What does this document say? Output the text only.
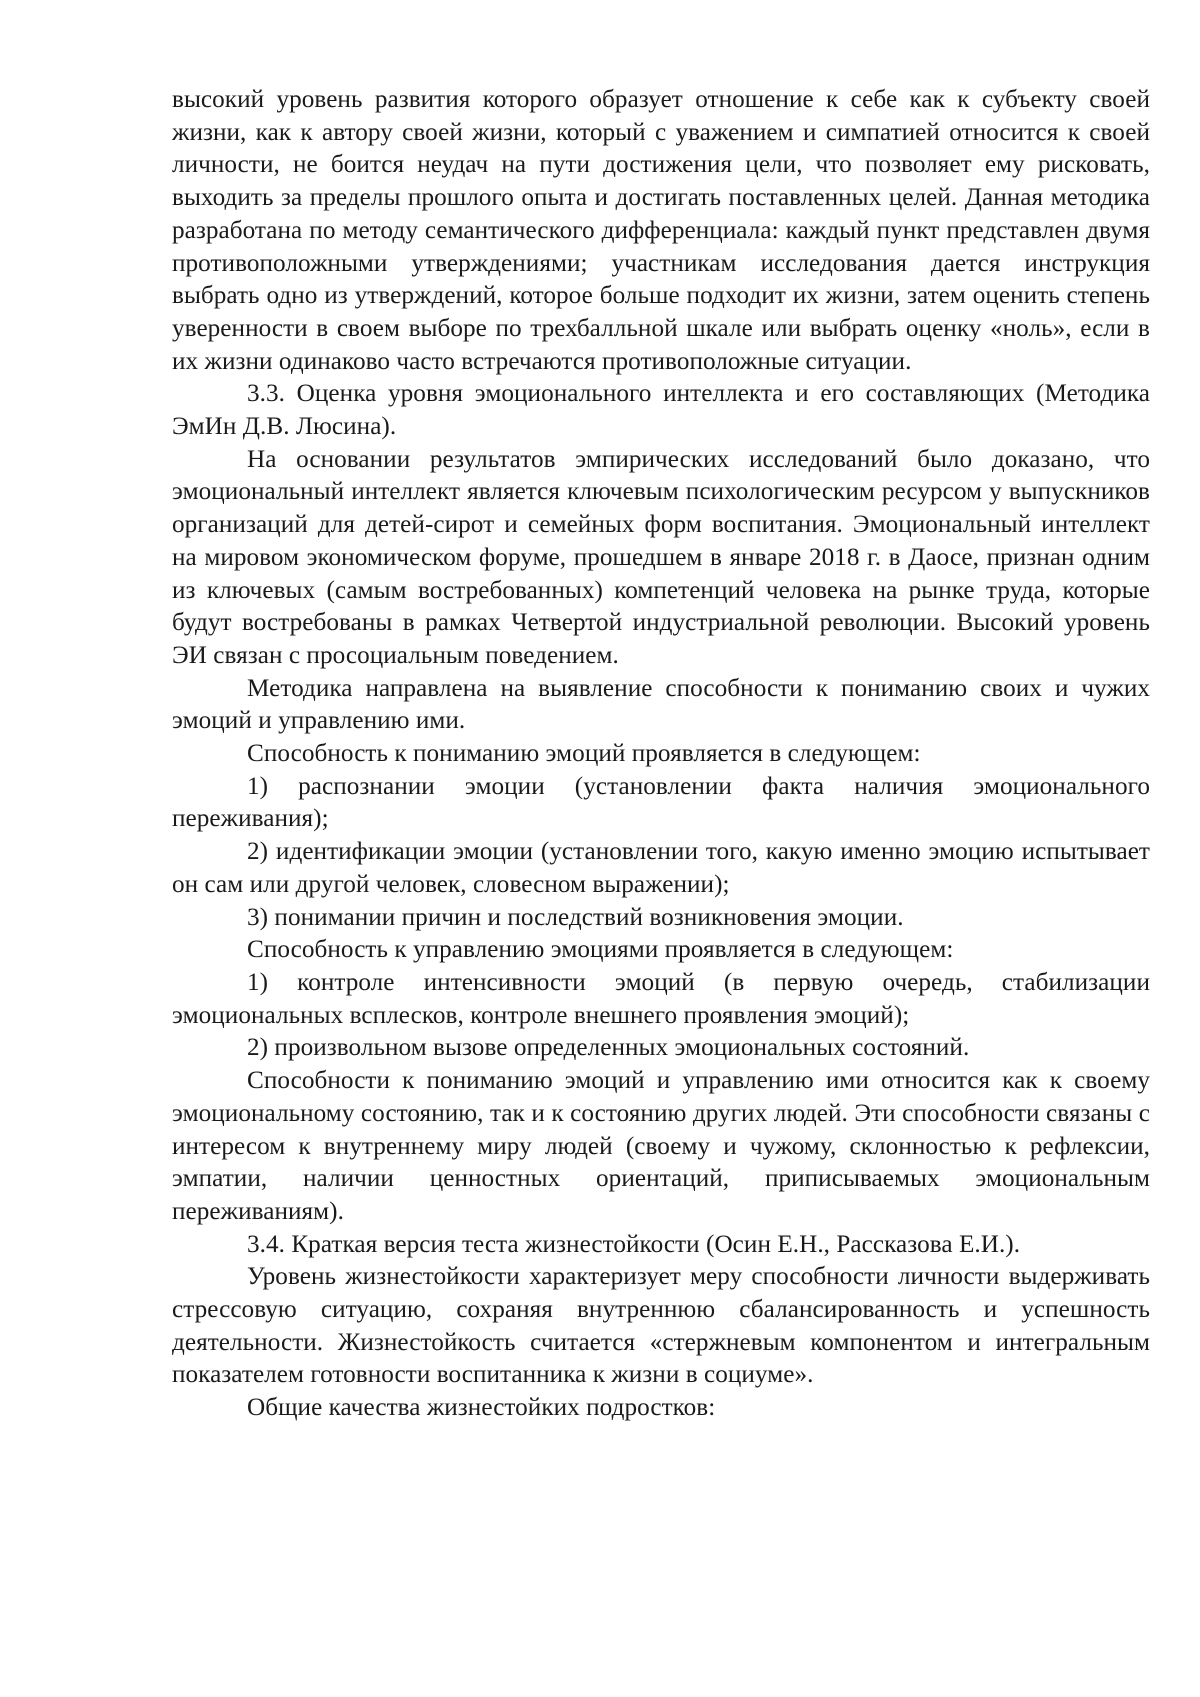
высокий уровень развития которого образует отношение к себе как к субъекту своей жизни, как к автору своей жизни, который с уважением и симпатией относится к своей личности, не боится неудач на пути достижения цели, что позволяет ему рисковать, выходить за пределы прошлого опыта и достигать поставленных целей. Данная методика разработана по методу семантического дифференциала: каждый пункт представлен двумя противоположными утверждениями; участникам исследования дается инструкция выбрать одно из утверждений, которое больше подходит их жизни, затем оценить степень уверенности в своем выборе по трехбалльной шкале или выбрать оценку «ноль», если в их жизни одинаково часто встречаются противоположные ситуации.

3.3. Оценка уровня эмоционального интеллекта и его составляющих (Методика ЭмИн Д.В. Люсина).

На основании результатов эмпирических исследований было доказано, что эмоциональный интеллект является ключевым психологическим ресурсом у выпускников организаций для детей-сирот и семейных форм воспитания. Эмоциональный интеллект на мировом экономическом форуме, прошедшем в январе 2018 г. в Даосе, признан одним из ключевых (самым востребованных) компетенций человека на рынке труда, которые будут востребованы в рамках Четвертой индустриальной революции. Высокий уровень ЭИ связан с просоциальным поведением.

Методика направлена на выявление способности к пониманию своих и чужих эмоций и управлению ими.

Способность к пониманию эмоций проявляется в следующем:

1) распознании эмоции (установлении факта наличия эмоционального переживания);

2) идентификации эмоции (установлении того, какую именно эмоцию испытывает он сам или другой человек, словесном выражении);

3) понимании причин и последствий возникновения эмоции.

Способность к управлению эмоциями проявляется в следующем:

1) контроле интенсивности эмоций (в первую очередь, стабилизации эмоциональных всплесков, контроле внешнего проявления эмоций);

2) произвольном вызове определенных эмоциональных состояний.

Способности к пониманию эмоций и управлению ими относится как к своему эмоциональному состоянию, так и к состоянию других людей. Эти способности связаны с интересом к внутреннему миру людей (своему и чужому, склонностью к рефлексии, эмпатии, наличии ценностных ориентаций, приписываемых эмоциональным переживаниям).

3.4. Краткая версия теста жизнестойкости (Осин Е.Н., Рассказова Е.И.).

Уровень жизнестойкости характеризует меру способности личности выдерживать стрессовую ситуацию, сохраняя внутреннюю сбалансированность и успешность деятельности. Жизнестойкость считается «стержневым компонентом и интегральным показателем готовности воспитанника к жизни в социуме».

Общие качества жизнестойких подростков:
